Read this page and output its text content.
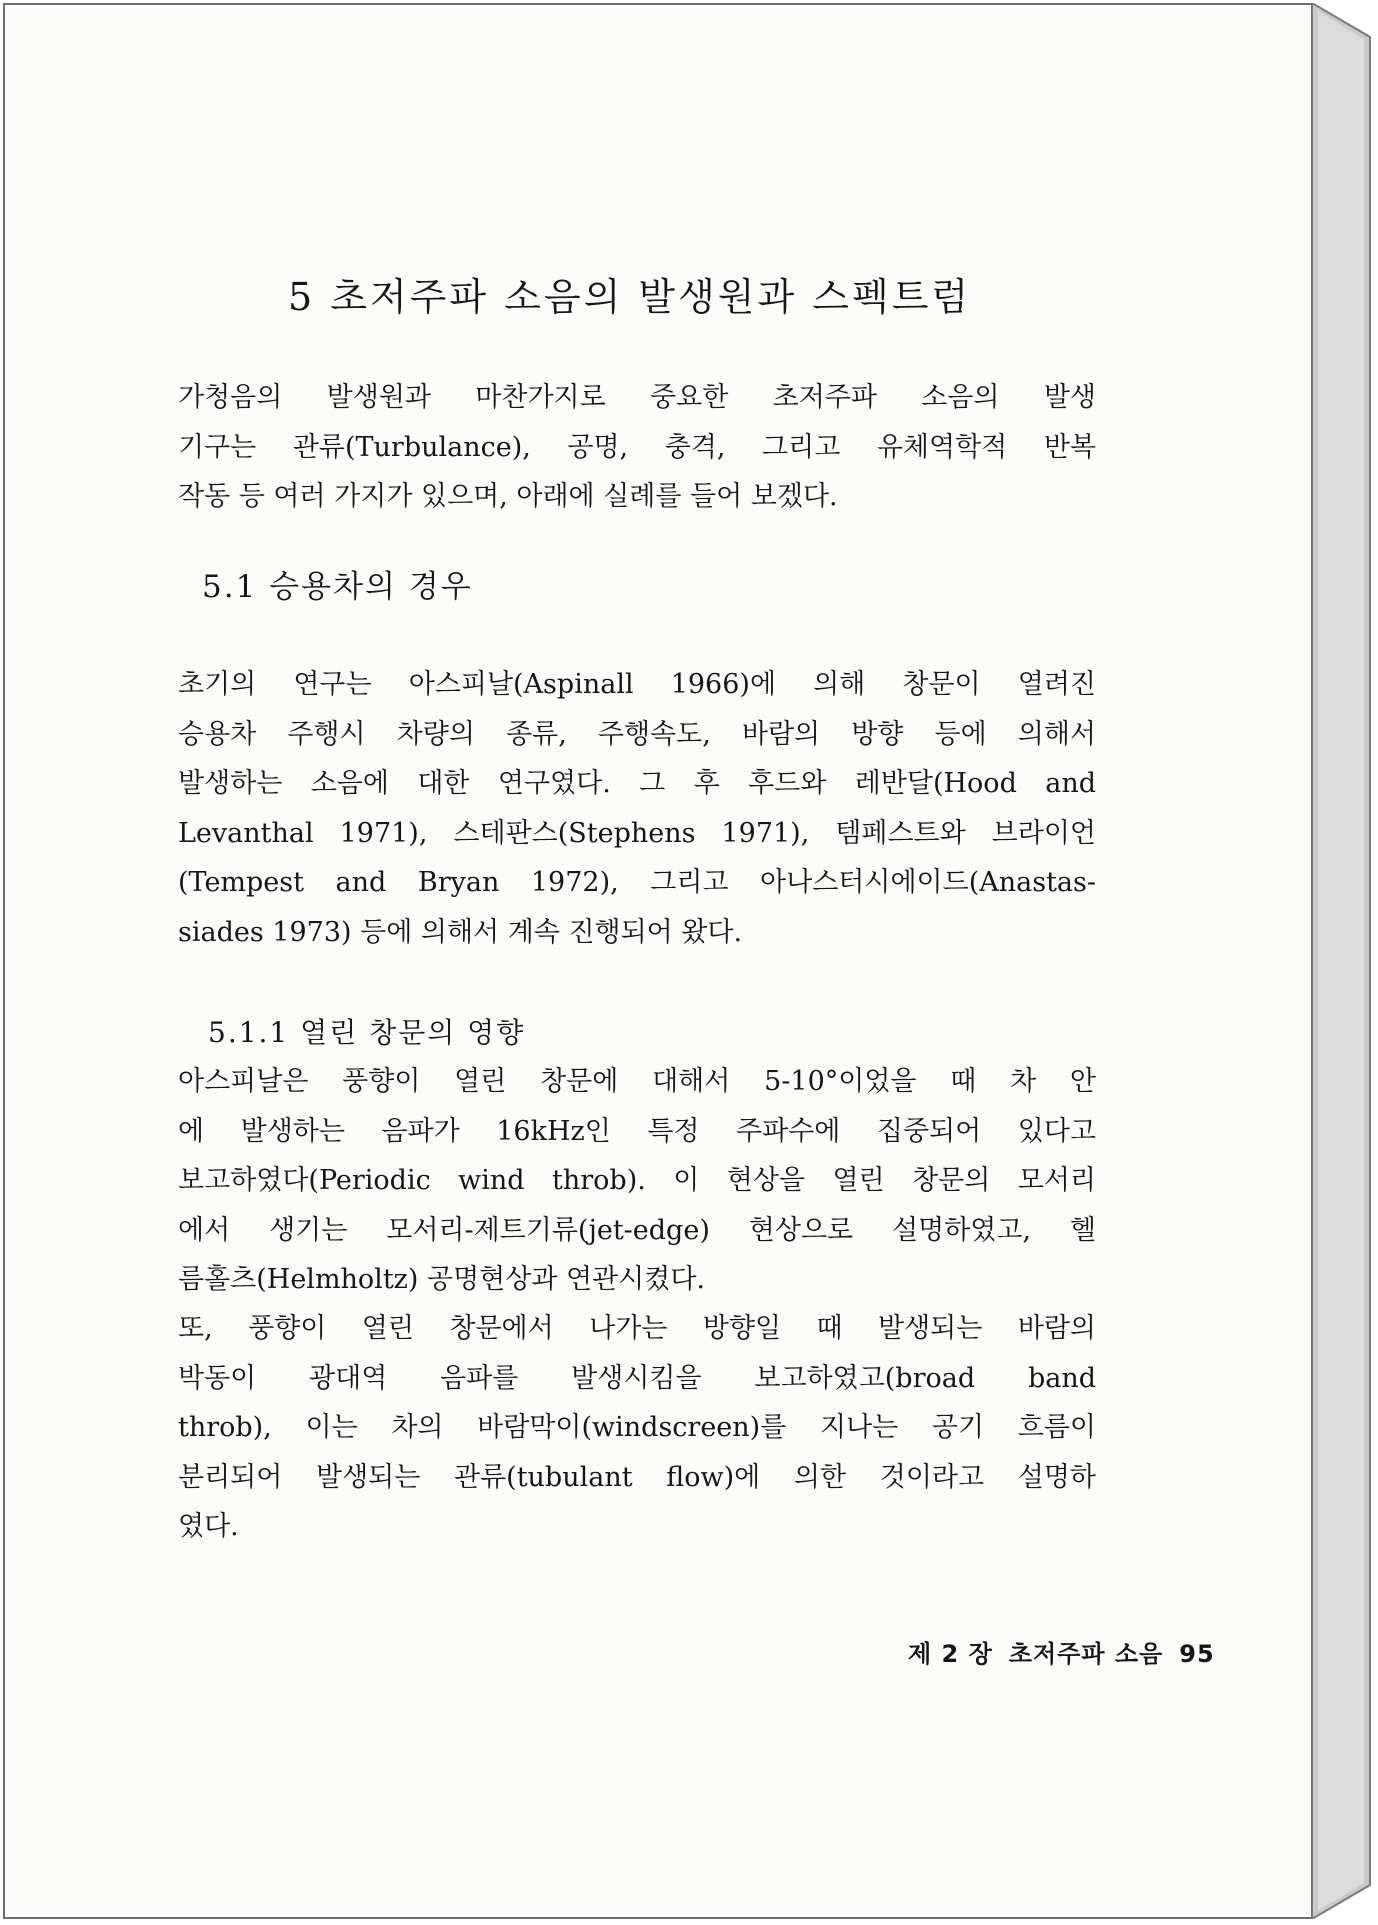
5 초저주파 소음의 발생원과 스펙트럼
가청음의 발생원과 마찬가지로 중요한 초저주파 소음의 발생
기구는 관류(Turbulance), 공명, 충격, 그리고 유체역학적 반복
작동 등 여러 가지가 있으며, 아래에 실례를 들어 보겠다.
5.1 승용차의 경우
초기의 연구는 아스피날(Aspinall 1966)에 의해 창문이 열려진
승용차 주행시 차량의 종류, 주행속도, 바람의 방향 등에 의해서
발생하는 소음에 대한 연구였다. 그 후 후드와 레반달(Hood and
Levanthal 1971), 스테판스(Stephens 1971), 템페스트와 브라이언
(Tempest and Bryan 1972), 그리고 아나스터시에이드(Anastas-
siades 1973) 등에 의해서 계속 진행되어 왔다.
5.1.1 열린 창문의 영향
아스피날은 풍향이 열린 창문에 대해서 5-10°이었을 때 차 안
에 발생하는 음파가 16kHz인 특정 주파수에 집중되어 있다고
보고하였다(Periodic wind throb). 이 현상을 열린 창문의 모서리
에서 생기는 모서리-제트기류(jet-edge) 현상으로 설명하였고, 헬
름홀츠(Helmholtz) 공명현상과 연관시켰다.
또, 풍향이 열린 창문에서 나가는 방향일 때 발생되는 바람의
박동이 광대역 음파를 발생시킴을 보고하였고(broad band
throb), 이는 차의 바람막이(windscreen)를 지나는 공기 흐름이
분리되어 발생되는 관류(tubulant flow)에 의한 것이라고 설명하
였다.

제 2 장 초저주파 소음 95
